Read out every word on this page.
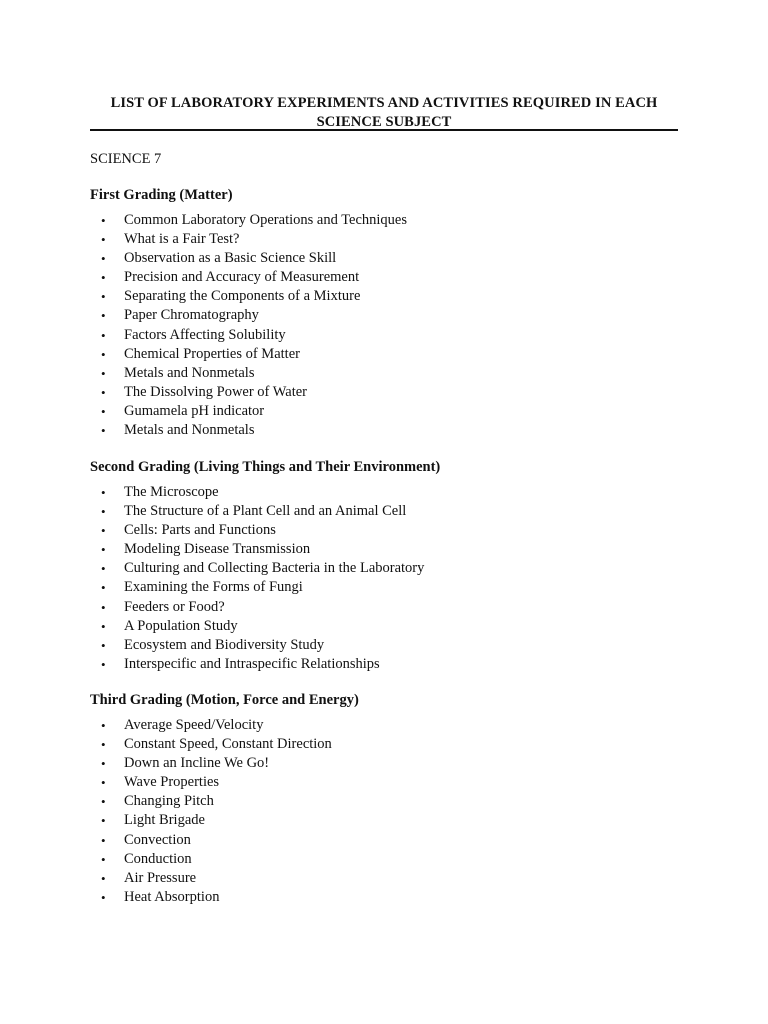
LIST OF LABORATORY EXPERIMENTS AND ACTIVITIES REQUIRED IN EACH
SCIENCE SUBJECT
SCIENCE 7
First Grading (Matter)
• Common Laboratory Operations and Techniques
• What is a Fair Test?
• Observation as a Basic Science Skill
• Precision and Accuracy of Measurement
• Separating the Components of a Mixture
• Paper Chromatography
• Factors Affecting Solubility
• Chemical Properties of Matter
• Metals and Nonmetals
• The Dissolving Power of Water
• Gumamela pH indicator
• Metals and Nonmetals
Second Grading (Living Things and Their Environment)
• The Microscope
• The Structure of a Plant Cell and an Animal Cell
• Cells: Parts and Functions
• Modeling Disease Transmission
• Culturing and Collecting Bacteria in the Laboratory
• Examining the Forms of Fungi
• Feeders or Food?
• A Population Study
• Ecosystem and Biodiversity Study
• Interspecific and Intraspecific Relationships
Third Grading (Motion, Force and Energy)
• Average Speed/Velocity
• Constant Speed, Constant Direction
• Down an Incline We Go!
• Wave Properties
• Changing Pitch
• Light Brigade
• Convection
• Conduction
• Air Pressure
• Heat Absorption
